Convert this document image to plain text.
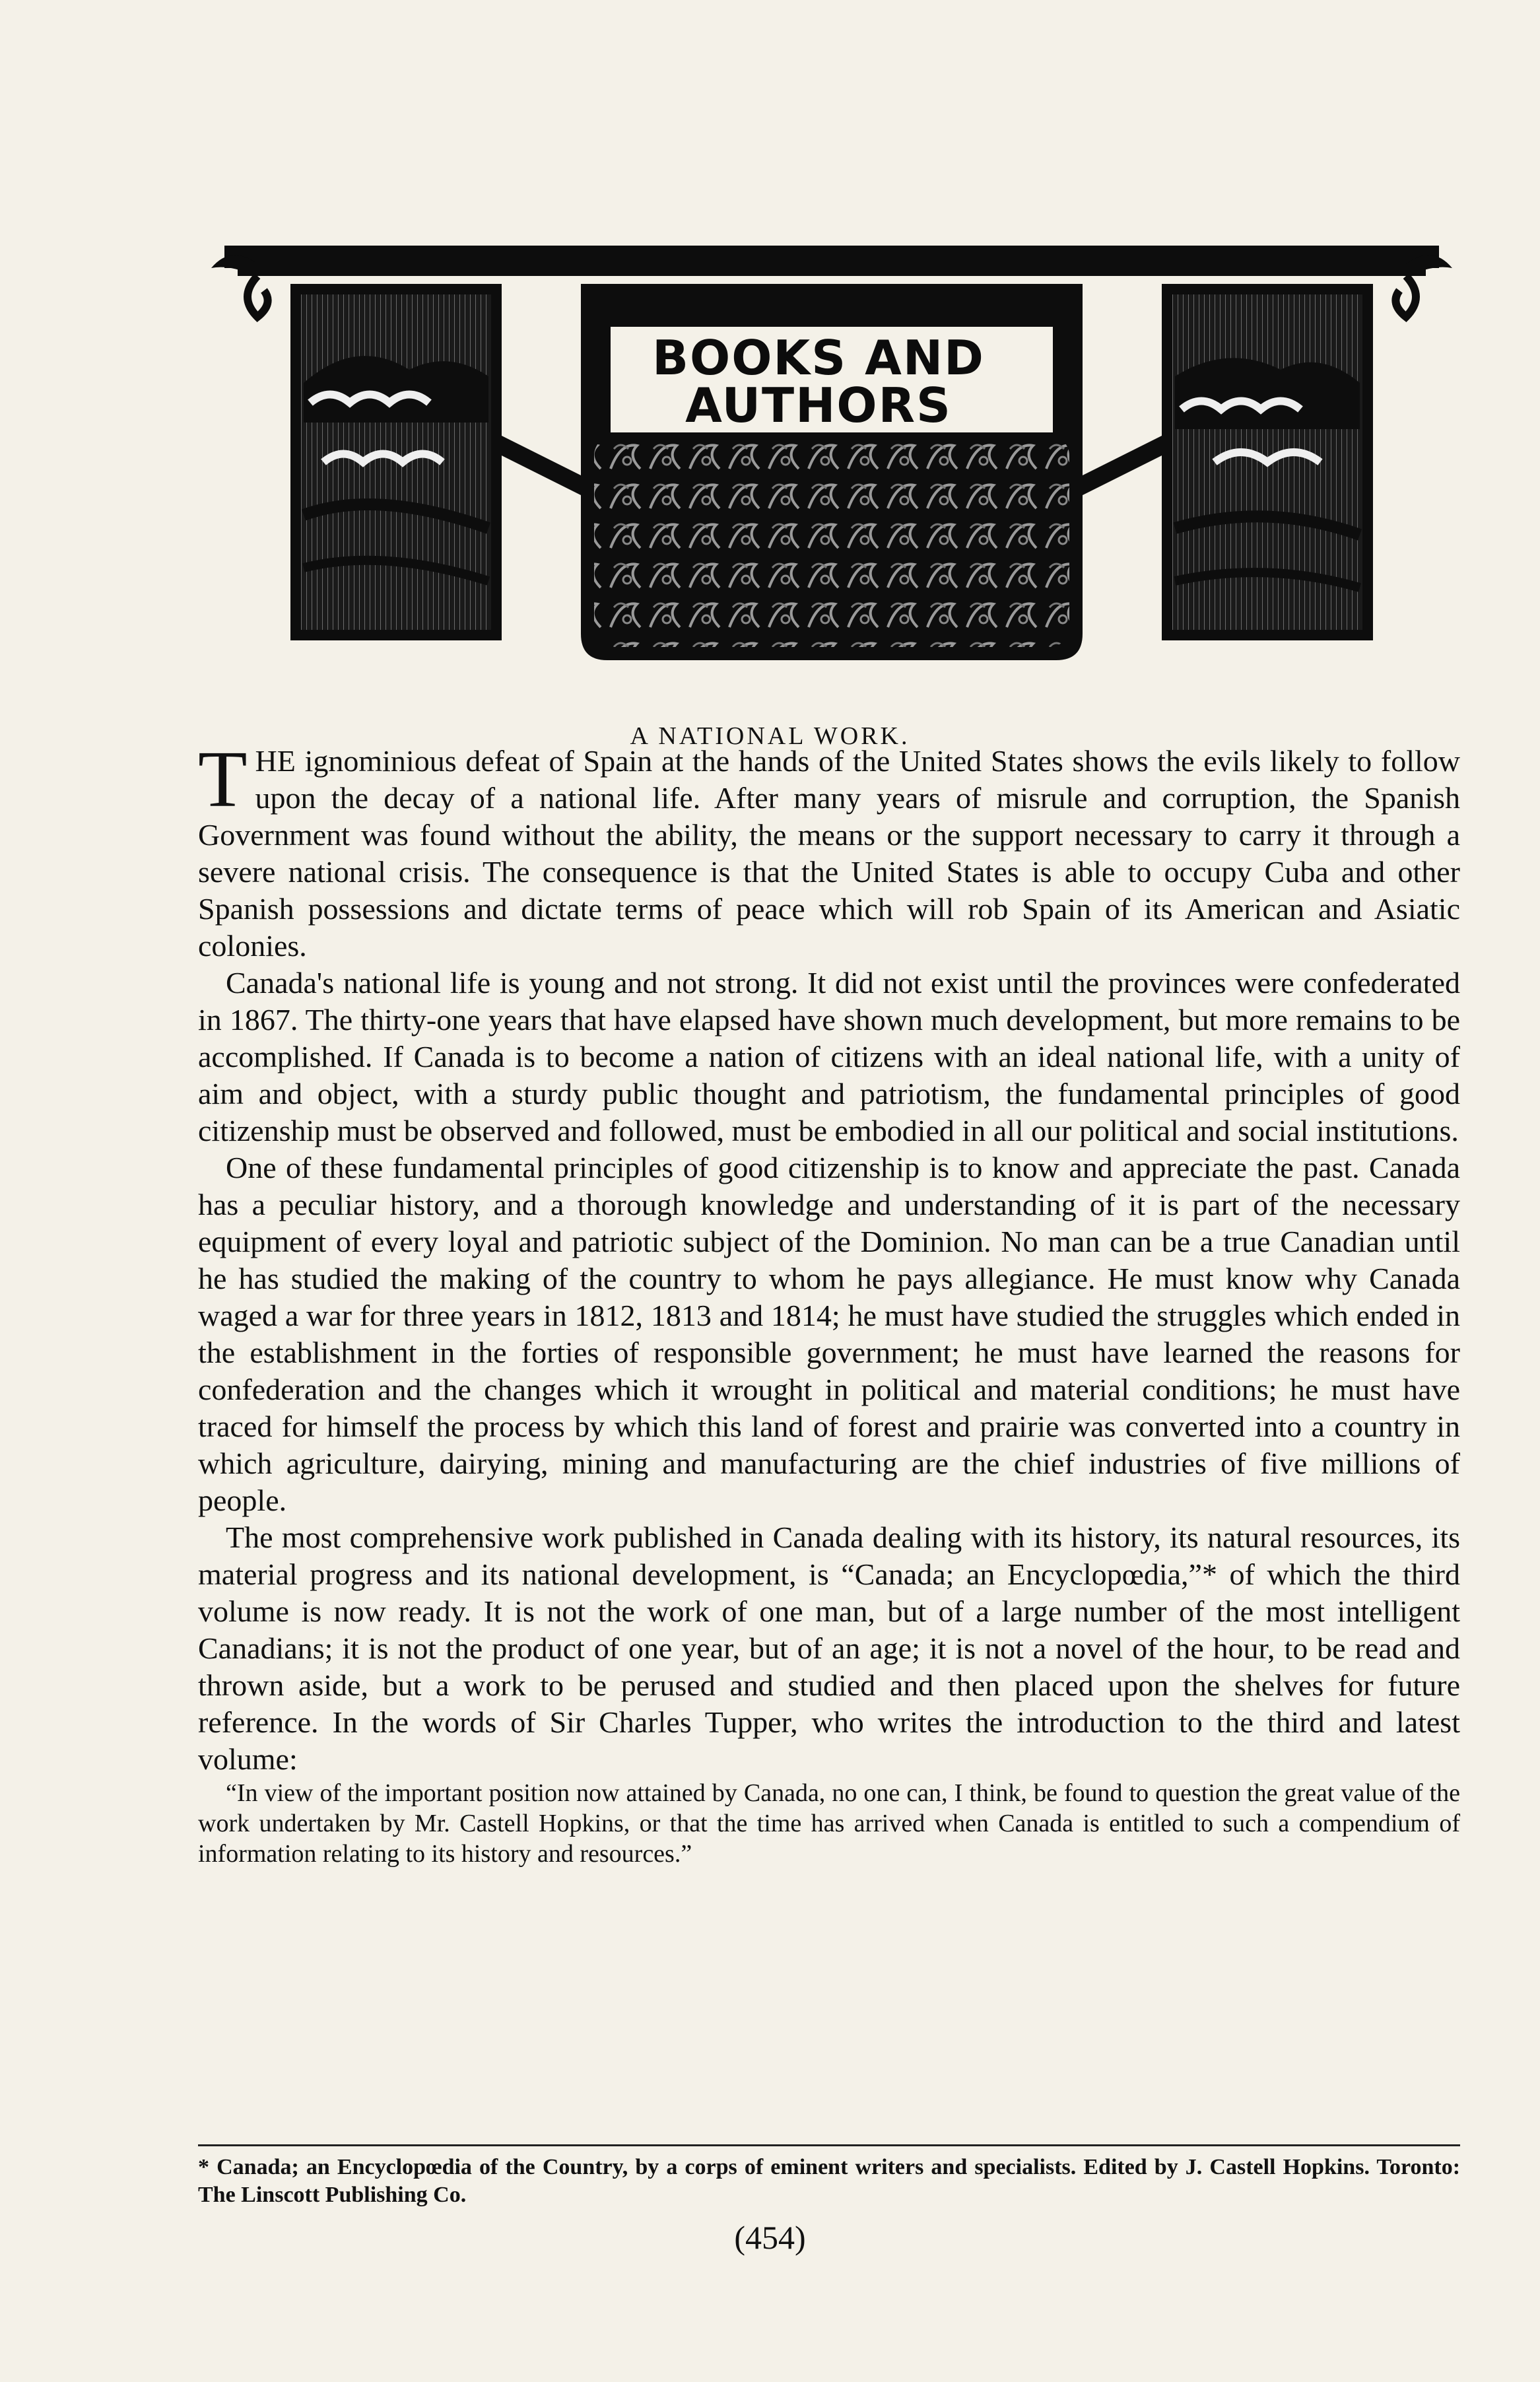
BOOKS AND
AUTHORS
A NATIONAL WORK.

THE ignominious defeat of Spain at the hands of the United States shows the evils likely to follow upon the decay of a national life. After many years of misrule and corruption, the Spanish Government was found without the ability, the means or the support necessary to carry it through a severe national crisis. The consequence is that the United States is able to occupy Cuba and other Spanish possessions and dictate terms of peace which will rob Spain of its American and Asiatic colonies.

Canada's national life is young and not strong. It did not exist until the provinces were confederated in 1867. The thirty-one years that have elapsed have shown much development, but more remains to be accomplished. If Canada is to become a nation of citizens with an ideal national life, with a unity of aim and object, with a sturdy public thought and patriotism, the fundamental principles of good citizenship must be observed and followed, must be embodied in all our political and social institutions.

One of these fundamental principles of good citizenship is to know and appreciate the past. Canada has a peculiar history, and a thorough knowledge and understanding of it is part of the necessary equipment of every loyal and patriotic subject of the Dominion. No man can be a true Canadian until he has studied the making of the country to whom he pays allegiance. He must know why Canada waged a war for three years in 1812, 1813 and 1814; he must have studied the struggles which ended in the establishment in the forties of responsible government; he must have learned the reasons for confederation and the changes which it wrought in political and material conditions; he must have traced for himself the process by which this land of forest and prairie was converted into a country in which agriculture, dairying, mining and manufacturing are the chief industries of five millions of people.

The most comprehensive work published in Canada dealing with its history, its natural resources, its material progress and its national development, is “Canada; an Encyclopœdia,”* of which the third volume is now ready. It is not the work of one man, but of a large number of the most intelligent Canadians; it is not the product of one year, but of an age; it is not a novel of the hour, to be read and thrown aside, but a work to be perused and studied and then placed upon the shelves for future reference. In the words of Sir Charles Tupper, who writes the introduction to the third and latest volume:

“In view of the important position now attained by Canada, no one can, I think, be found to question the great value of the work undertaken by Mr. Castell Hopkins, or that the time has arrived when Canada is entitled to such a compendium of information relating to its history and resources.”

* Canada; an Encyclopœdia of the Country, by a corps of eminent writers and specialists. Edited by J. Castell Hopkins. Toronto: The Linscott Publishing Co.
(454)
